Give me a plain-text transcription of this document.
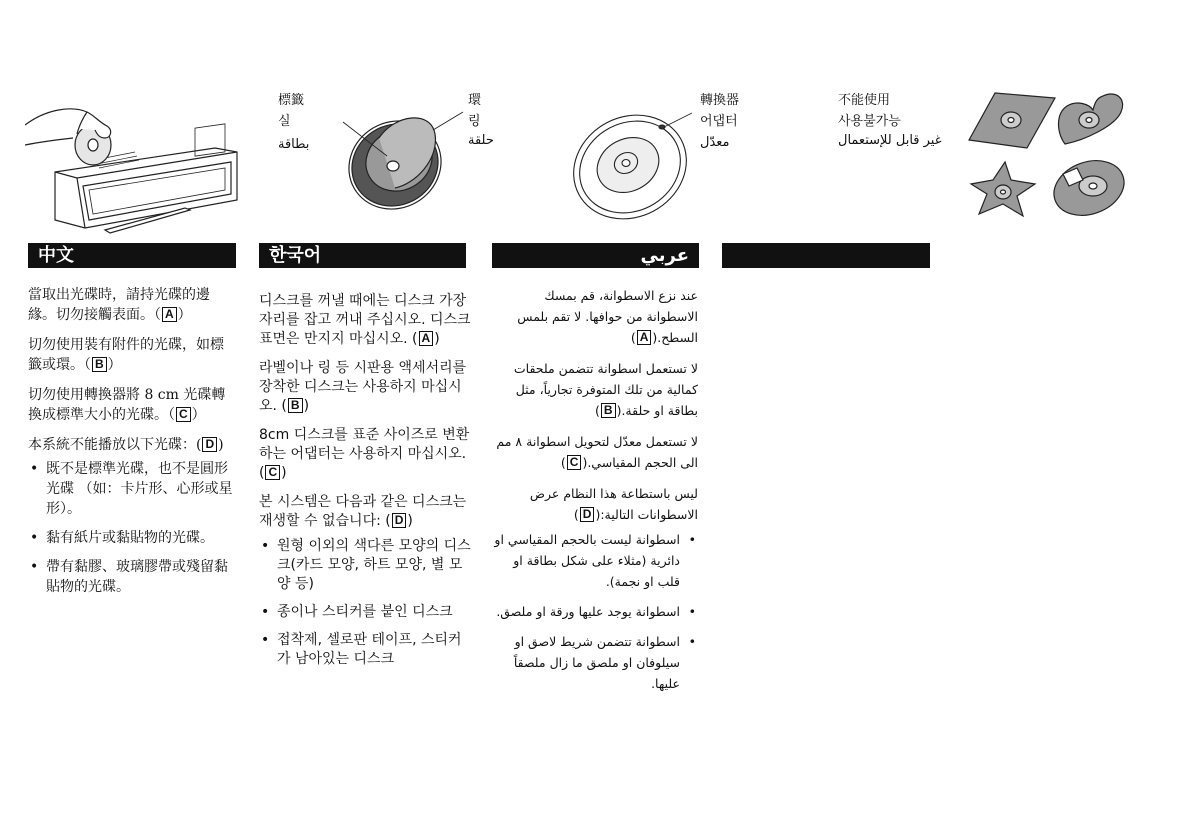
標籤
실
بطاقة
環
링
حلقة
轉換器
어댑터
معدّل
不能使用
사용불가능
غير قابل للإستعمال
中文	한국어	عربي

當取出光碟時，請持光碟的邊緣。切勿接觸表面。（ A ）

切勿使用裝有附件的光碟，如標籤或環。（ B ）

切勿使用轉換器將 8 cm 光碟轉換成標準大小的光碟。（ C ）

本系統不能播放以下光碟：( D )

• 既不是標準光碟，也不是圓形光碟 （如：卡片形、心形或星形）。
• 黏有紙片或黏貼物的光碟。
• 帶有黏膠、玻璃膠帶或殘留黏貼物的光碟。

디스크를 꺼낼 때에는 디스크 가장자리를 잡고 꺼내 주십시오. 디스크 표면은 만지지 마십시오. ( A )

라벨이나 링 등 시판용 액세서리를 장착한 디스크는 사용하지 마십시오. ( B )

8cm 디스크를 표준 사이즈로 변환하는 어댑터는 사용하지 마십시오. ( C )

본 시스템은 다음과 같은 디스크는 재생할 수 없습니다: ( D )

• 원형 이외의 색다른 모양의 디스크(카드 모양, 하트 모양, 별 모양 등)
• 종이나 스티커를 붙인 디스크
• 접착제, 셀로판 테이프, 스티커가 남아있는 디스크

عند نزع الاسطوانة، قم بمسك الاسطوانة من حوافها. لا تقم بلمس السطح.(A)

لا تستعمل اسطوانة تتضمن ملحقات كمالية من تلك المتوفرة تجارياً، مثل بطاقة او حلقة.(B)

لا تستعمل معدّل لتحويل اسطوانة ٨ مم الى الحجم المقياسي.(C)

ليس باستطاعة هذا النظام عرض الاسطوانات التالية:(D)

• اسطوانة ليست بالحجم المقياسي او دائرية (مثلاء على شكل بطاقة او قلب او نجمة).
• اسطوانة يوجد عليها ورقة او ملصق.
• اسطوانة تتضمن شريط لاصق او سيلوفان او ملصق ما زال ملصقاً عليها.
